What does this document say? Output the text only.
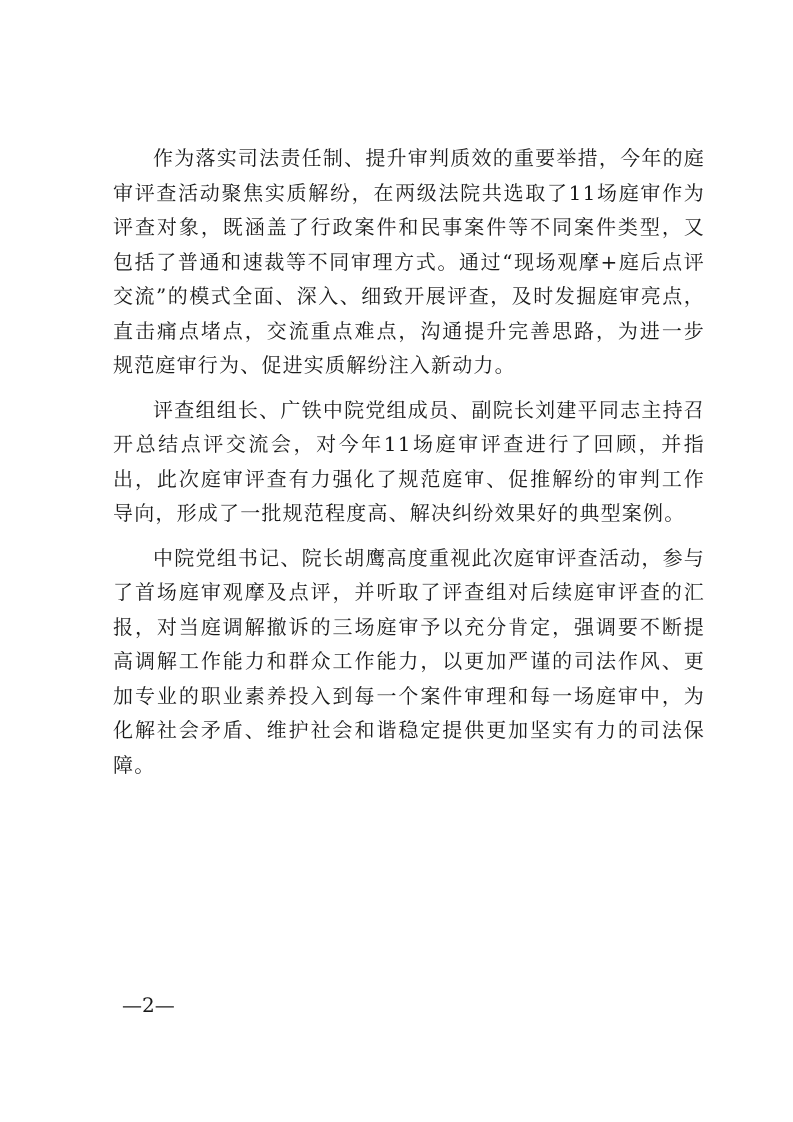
作为落实司法责任制、提升审判质效的重要举措，今年的庭审评查活动聚焦实质解纷，在两级法院共选取了11场庭审作为评查对象，既涵盖了行政案件和民事案件等不同案件类型，又包括了普通和速裁等不同审理方式。通过“现场观摩+庭后点评交流”的模式全面、深入、细致开展评查，及时发掘庭审亮点，直击痛点堵点，交流重点难点，沟通提升完善思路，为进一步规范庭审行为、促进实质解纷注入新动力。

评查组组长、广铁中院党组成员、副院长刘建平同志主持召开总结点评交流会，对今年11场庭审评查进行了回顾，并指出，此次庭审评查有力强化了规范庭审、促推解纷的审判工作导向，形成了一批规范程度高、解决纠纷效果好的典型案例。

中院党组书记、院长胡鹰高度重视此次庭审评查活动，参与了首场庭审观摩及点评，并听取了评查组对后续庭审评查的汇报，对当庭调解撤诉的三场庭审予以充分肯定，强调要不断提高调解工作能力和群众工作能力，以更加严谨的司法作风、更加专业的职业素养投入到每一个案件审理和每一场庭审中，为化解社会矛盾、维护社会和谐稳定提供更加坚实有力的司法保障。

—2—
